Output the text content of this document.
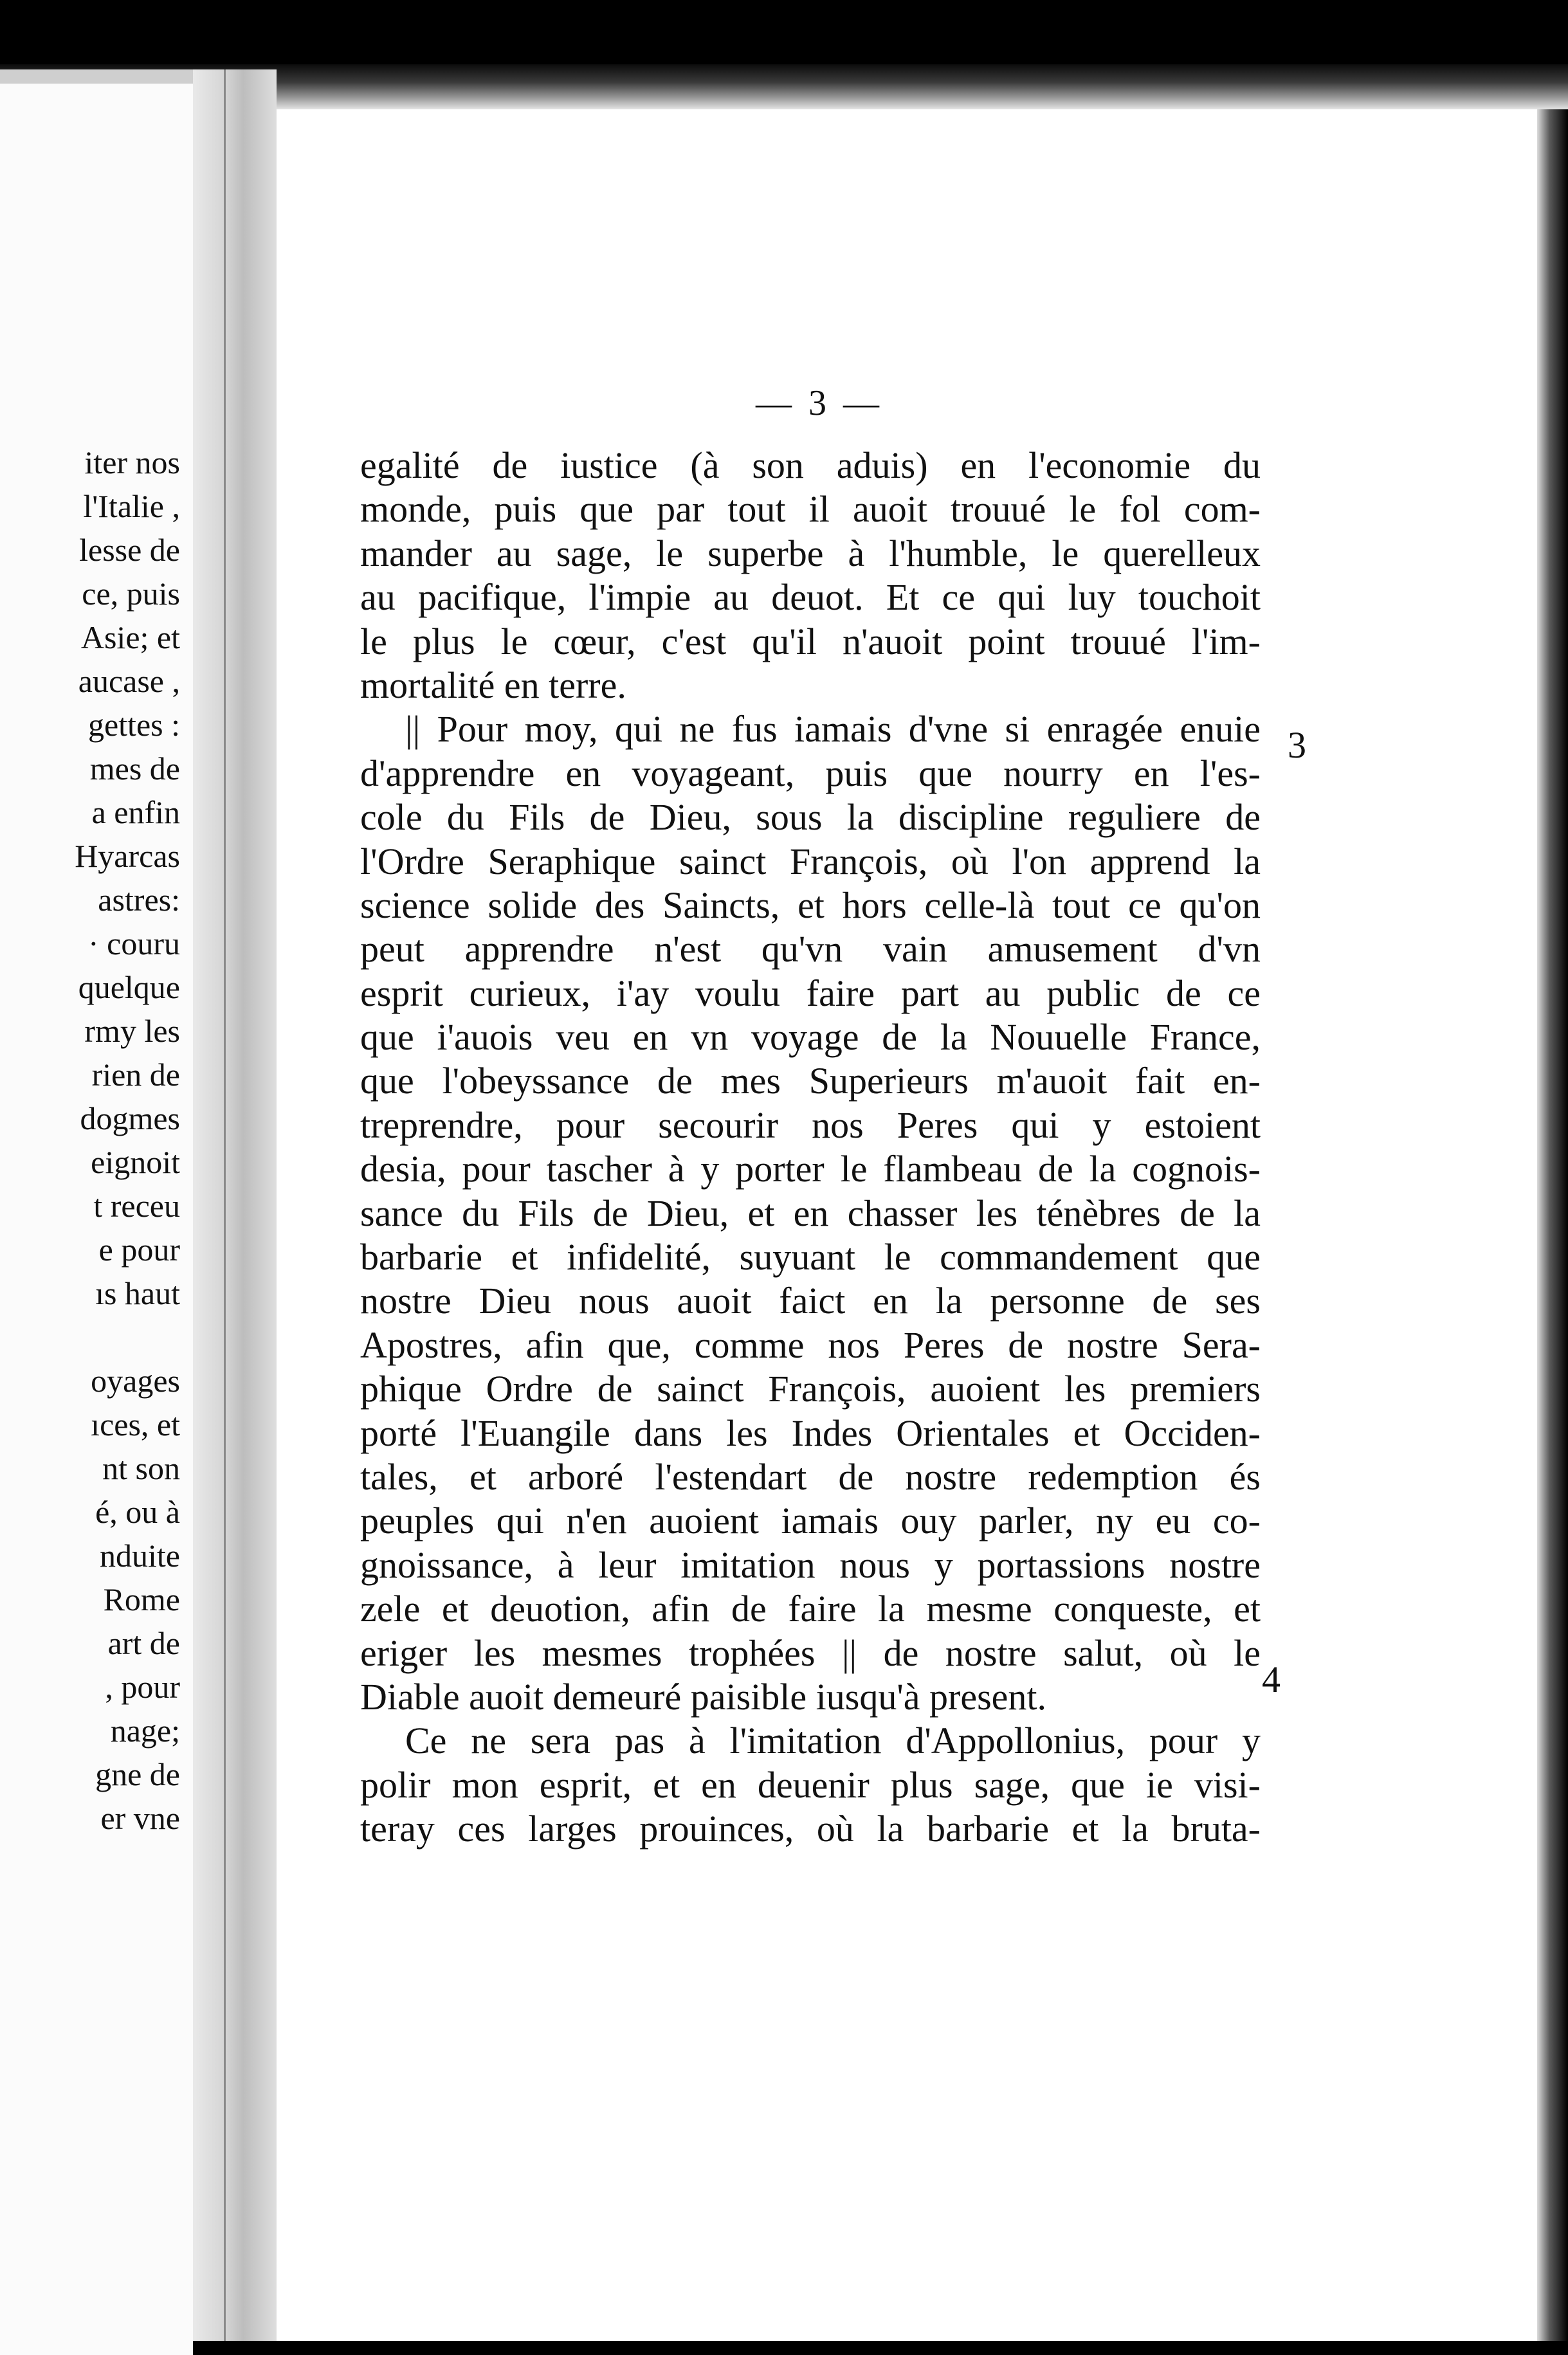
iter nos
l'Italie ,
lesse de
ce, puis
Asie; et
aucase ,
gettes :
mes de
a enfin
Hyarcas
astres:
· couru
quelque
rmy les
rien de
dogmes
eignoit
t receu
e pour
ıs haut
oyages
ıces, et
nt son
é, ou à
nduite
Rome
art de
, pour
nage;
gne de
er vne
— 3 —
egalité de iustice (à son aduis) en l'economie du
monde, puis que par tout il auoit trouué le fol com-
mander au sage, le superbe à l'humble, le querelleux
au pacifique, l'impie au deuot. Et ce qui luy touchoit
le plus le cœur, c'est qu'il n'auoit point trouué l'im-
mortalité en terre.
|| Pour moy, qui ne fus iamais d'vne si enragée enuie
d'apprendre en voyageant, puis que nourry en l'es-
cole du Fils de Dieu, sous la discipline reguliere de
l'Ordre Seraphique sainct François, où l'on apprend la
science solide des Saincts, et hors celle-là tout ce qu'on
peut apprendre n'est qu'vn vain amusement d'vn
esprit curieux, i'ay voulu faire part au public de ce
que i'auois veu en vn voyage de la Nouuelle France,
que l'obeyssance de mes Superieurs m'auoit fait en-
treprendre, pour secourir nos Peres qui y estoient
desia, pour tascher à y porter le flambeau de la cognois-
sance du Fils de Dieu, et en chasser les ténèbres de la
barbarie et infidelité, suyuant le commandement que
nostre Dieu nous auoit faict en la personne de ses
Apostres, afin que, comme nos Peres de nostre Sera-
phique Ordre de sainct François, auoient les premiers
porté l'Euangile dans les Indes Orientales et Occiden-
tales, et arboré l'estendart de nostre redemption és
peuples qui n'en auoient iamais ouy parler, ny eu co-
gnoissance, à leur imitation nous y portassions nostre
zele et deuotion, afin de faire la mesme conqueste, et
eriger les mesmes trophées || de nostre salut, où le
Diable auoit demeuré paisible iusqu'à present.
Ce ne sera pas à l'imitation d'Appollonius, pour y
polir mon esprit, et en deuenir plus sage, que ie visi-
teray ces larges prouinces, où la barbarie et la bruta-
3
4
